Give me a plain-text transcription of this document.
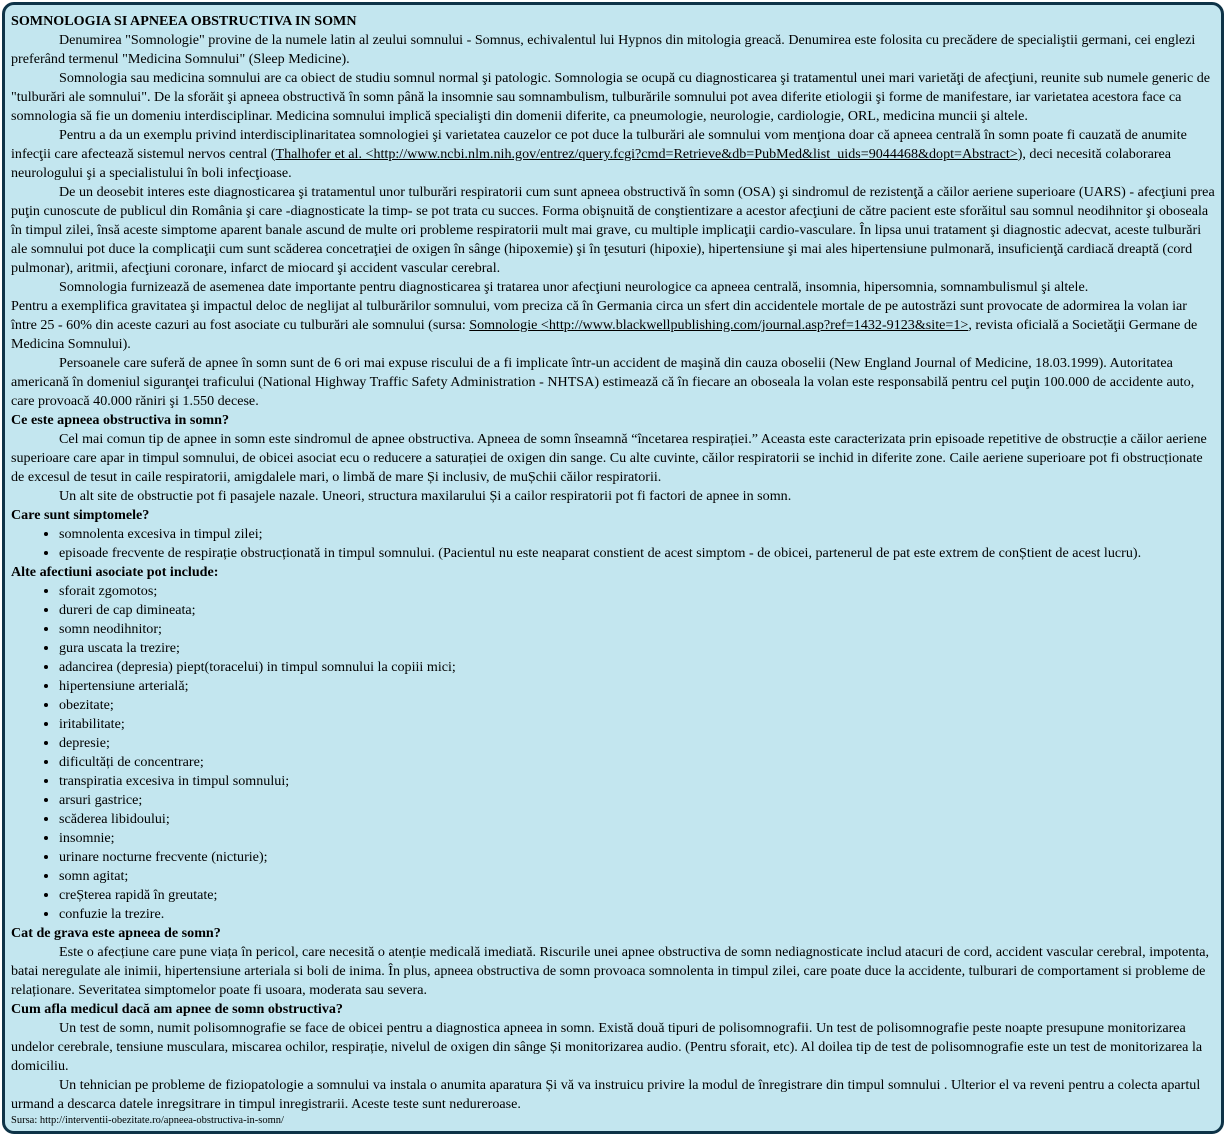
SOMNOLOGIA SI APNEEA OBSTRUCTIVA IN SOMN

Denumirea "Somnologie" provine de la numele latin al zeului somnului - Somnus, echivalentul lui Hypnos din mitologia greacă. Denumirea este folosita cu precădere de specialiştii germani, cei englezi preferând termenul "Medicina Somnului" (Sleep Medicine).

Somnologia sau medicina somnului are ca obiect de studiu somnul normal şi patologic. Somnologia se ocupă cu diagnosticarea şi tratamentul unei mari varietăţi de afecţiuni, reunite sub numele generic de "tulburări ale somnului". De la sforăit şi apneea obstructivă în somn până la insomnie sau somnambulism, tulburările somnului pot avea diferite etiologii şi forme de manifestare, iar varietatea acestora face ca somnologia să fie un domeniu interdisciplinar. Medicina somnului implică specialişti din domenii diferite, ca pneumologie, neurologie, cardiologie, ORL, medicina muncii şi altele.

Pentru a da un exemplu privind interdisciplinaritatea somnologiei şi varietatea cauzelor ce pot duce la tulburări ale somnului vom menţiona doar că apneea centrală în somn poate fi cauzată de anumite infecţii care afectează sistemul nervos central (Thalhofer et al. <http://www.ncbi.nlm.nih.gov/entrez/query.fcgi?cmd=Retrieve&db=PubMed&list_uids=9044468&dopt=Abstract>), deci necesită colaborarea neurologului şi a specialistului în boli infecţioase.

De un deosebit interes este diagnosticarea şi tratamentul unor tulburări respiratorii cum sunt apneea obstructivă în somn (OSA) şi sindromul de rezistenţă a căilor aeriene superioare (UARS) - afecţiuni prea puţin cunoscute de publicul din România şi care -diagnosticate la timp- se pot trata cu succes. Forma obişnuită de conştientizare a acestor afecţiuni de către pacient este sforăitul sau somnul neodihnitor şi oboseala în timpul zilei, însă aceste simptome aparent banale ascund de multe ori probleme respiratorii mult mai grave, cu multiple implicaţii cardio-vasculare. În lipsa unui tratament şi diagnostic adecvat, aceste tulburări ale somnului pot duce la complicaţii cum sunt scăderea concetraţiei de oxigen în sânge (hipoxemie) şi în ţesuturi (hipoxie), hipertensiune şi mai ales hipertensiune pulmonară, insuficienţă cardiacă dreaptă (cord pulmonar), aritmii, afecţiuni coronare, infarct de miocard şi accident vascular cerebral.

Somnologia furnizează de asemenea date importante pentru diagnosticarea şi tratarea unor afecţiuni neurologice ca apneea centrală, insomnia, hipersomnia, somnambulismul şi altele.

Pentru a exemplifica gravitatea şi impactul deloc de neglijat al tulburărilor somnului, vom preciza că în Germania circa un sfert din accidentele mortale de pe autostrăzi sunt provocate de adormirea la volan iar între 25 - 60% din aceste cazuri au fost asociate cu tulburări ale somnului (sursa: Somnologie <http://www.blackwellpublishing.com/journal.asp?ref=1432-9123&site=1>, revista oficială a Societăţii Germane de Medicina Somnului).

Persoanele care suferă de apnee în somn sunt de 6 ori mai expuse riscului de a fi implicate într-un accident de maşină din cauza oboselii (New England Journal of Medicine, 18.03.1999). Autoritatea americană în domeniul siguranţei traficului (National Highway Traffic Safety Administration - NHTSA) estimează că în fiecare an oboseala la volan este responsabilă pentru cel puţin 100.000 de accidente auto, care provoacă 40.000 răniri şi 1.550 decese.

Ce este apneea obstructiva in somn?

Cel mai comun tip de apnee in somn este sindromul de apnee obstructiva. Apneea de somn înseamnă “încetarea respirației.” Aceasta este caracterizata prin episoade repetitive de obstrucție a căilor aeriene superioare care apar in timpul somnului, de obicei asociat ecu o reducere a saturației de oxigen din sange. Cu alte cuvinte, căilor respiratorii se inchid in diferite zone. Caile aeriene superioare pot fi obstrucționate de excesul de tesut in caile respiratorii, amigdalele mari, o limbă de mare Și inclusiv, de muȘchii căilor respiratorii.

Un alt site de obstructie pot fi pasajele nazale. Uneori, structura maxilarului Și a cailor respiratorii pot fi factori de apnee in somn.

Care sunt simptomele?

• somnolenta excesiva in timpul zilei;
• episoade frecvente de respirație obstrucționată in timpul somnului. (Pacientul nu este neaparat constient de acest simptom - de obicei, partenerul de pat este extrem de conȘtient de acest lucru).

Alte afectiuni asociate pot include:

• sforait zgomotos;
• dureri de cap dimineata;
• somn neodihnitor;
• gura uscata la trezire;
• adancirea (depresia) piept(toracelui) in timpul somnului la copiii mici;
• hipertensiune arterială;
• obezitate;
• iritabilitate;
• depresie;
• dificultăți de concentrare;
• transpiratia excesiva in timpul somnului;
• arsuri gastrice;
• scăderea libidoului;
• insomnie;
• urinare nocturne frecvente (nicturie);
• somn agitat;
• creȘterea rapidă în greutate;
• confuzie la trezire.

Cat de grava este apneea de somn?

Este o afecțiune care pune viața în pericol, care necesită o atenție medicală imediată. Riscurile unei apnee obstructiva de somn nediagnosticate includ atacuri de cord, accident vascular cerebral, impotenta, batai neregulate ale inimii, hipertensiune arteriala si boli de inima. În plus, apneea obstructiva de somn provoaca somnolenta in timpul zilei, care poate duce la accidente, tulburari de comportament si probleme de relaționare. Severitatea simptomelor poate fi usoara, moderata sau severa.

Cum afla medicul dacă am apnee de somn obstructiva?

Un test de somn, numit polisomnografie se face de obicei pentru a diagnostica apneea in somn. Există două tipuri de polisomnografii. Un test de polisomnografie peste noapte presupune monitorizarea undelor cerebrale, tensiune musculara, miscarea ochilor, respirație, nivelul de oxigen din sânge Și monitorizarea audio. (Pentru sforait, etc). Al doilea tip de test de polisomnografie este un test de monitorizarea la domiciliu.

Un tehnician pe probleme de fiziopatologie a somnului va instala o anumita aparatura Și vă va instruicu privire la modul de înregistrare din timpul somnului . Ulterior el va reveni pentru a colecta apartul urmand a descarca datele inregsitrare in timpul inregistrarii. Aceste teste sunt nedureroase.

Sursa: http://interventii-obezitate.ro/apneea-obstructiva-in-somn/
